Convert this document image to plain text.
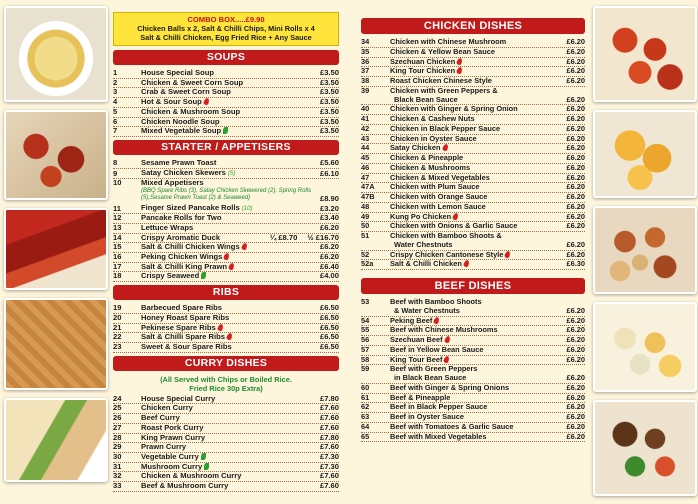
COMBO BOX.....£9.90
Chicken Balls x 2, Salt & Chilli Chips, Mini Rolls x 4
Salt & Chilli Chicken, Egg Fried Rice + Any Sauce
SOUPS
1	House Special Soup	£3.50
2	Chicken & Sweet Corn Soup	£3.50
3	Crab & Sweet Corn Soup	£3.50
4	Hot & Sour Soup	£3.50
5	Chicken & Mushroom Soup	£3.50
6	Chicken Noodle Soup	£3.50
7	Mixed Vegetable Soup	£3.50
STARTER / APPETISERS
8	Sesame Prawn Toast	£5.60
9	Satay Chicken Skewers (5)	£6.10
10	Mixed Appetisers
(BBQ Spare Ribs (3), Satay Chicken Skewered (2), Spring Rolls (5),Sesame Prawn Toast (2) & Seaweed)	£8.90
11	Finger Sized Pancake Rolls (10)	£3.20
12	Pancake Rolls for Two	£3.40
13	Lettuce Wraps	£6.20
14	Crispy Aromatic Duck	¼ £8.70	½ £16.70
15	Salt & Chilli Chicken Wings	£6.20
16	Peking Chicken Wings	£6.20
17	Salt & Chilli King Prawn	£6.40
18	Crispy Seaweed	£4.00
RIBS
19	Barbecued Spare Ribs	£6.50
20	Honey Roast Spare Ribs	£6.50
21	Pekinese Spare Ribs	£6.50
22	Salt & Chilli Spare Ribs	£6.50
23	Sweet & Sour Spare Ribs	£6.50
CURRY DISHES
(All Served with Chips or Boiled Rice.
Fried Rice 30p Extra)
24	House Special Curry	£7.80
25	Chicken Curry	£7.60
26	Beef Curry	£7.60
27	Roast Pork Curry	£7.60
28	King Prawn Curry	£7.80
29	Prawn Curry	£7.60
30	Vegetable Curry	£7.30
31	Mushroom Curry	£7.30
32	Chicken & Mushroom Curry	£7.60
33	Beef & Mushroom Curry	£7.60
CHICKEN DISHES
34	Chicken with Chinese Mushroom	£6.20
35	Chicken & Yellow Bean Sauce	£6.20
36	Szechuan Chicken	£6.20
37	King Tour Chicken	£6.20
38	Roast Chicken Chinese Style	£6.20
39	Chicken with Green Peppers &
Black Bean Sauce	£6.20
40	Chicken with Ginger & Spring Onion	£6.20
41	Chicken & Cashew Nuts	£6.20
42	Chicken in Black Pepper Sauce	£6.20
43	Chicken in Oyster Sauce	£6.20
44	Satay Chicken	£6.20
45	Chicken & Pineapple	£6.20
46	Chicken & Mushrooms	£6.20
47	Chicken & Mixed Vegetables	£6.20
47A	Chicken with Plum Sauce	£6.20
47B	Chicken with Orange Sauce	£6.20
48	Chicken with Lemon Sauce	£6.20
49	Kung Po Chicken	£6.20
50	Chicken with Onions & Garlic Sauce	£6.20
51	Chicken with Bamboo Shoots &
Water Chestnuts	£6.20
52	Crispy Chicken Cantonese Style	£6.20
52a	Salt & Chilli Chicken	£6.30
BEEF DISHES
53	Beef with Bamboo Shoots
& Water Chestnuts	£6.20
54	Peking Beef	£6.20
55	Beef with Chinese Mushrooms	£6.20
56	Szechuan Beef	£6.20
57	Beef in Yellow Bean Sauce	£6.20
58	King Tour Beef	£6.20
59	Beef with Green Peppers
in Black Bean Sauce	£6.20
60	Beef with Ginger & Spring Onions	£6.20
61	Beef & Pineapple	£6.20
62	Beef in Black Pepper Sauce	£6.20
63	Beef in Oyster Sauce	£6.20
64	Beef with Tomatoes & Garlic Sauce	£6.20
65	Beef with Mixed Vegetables	£6.20
